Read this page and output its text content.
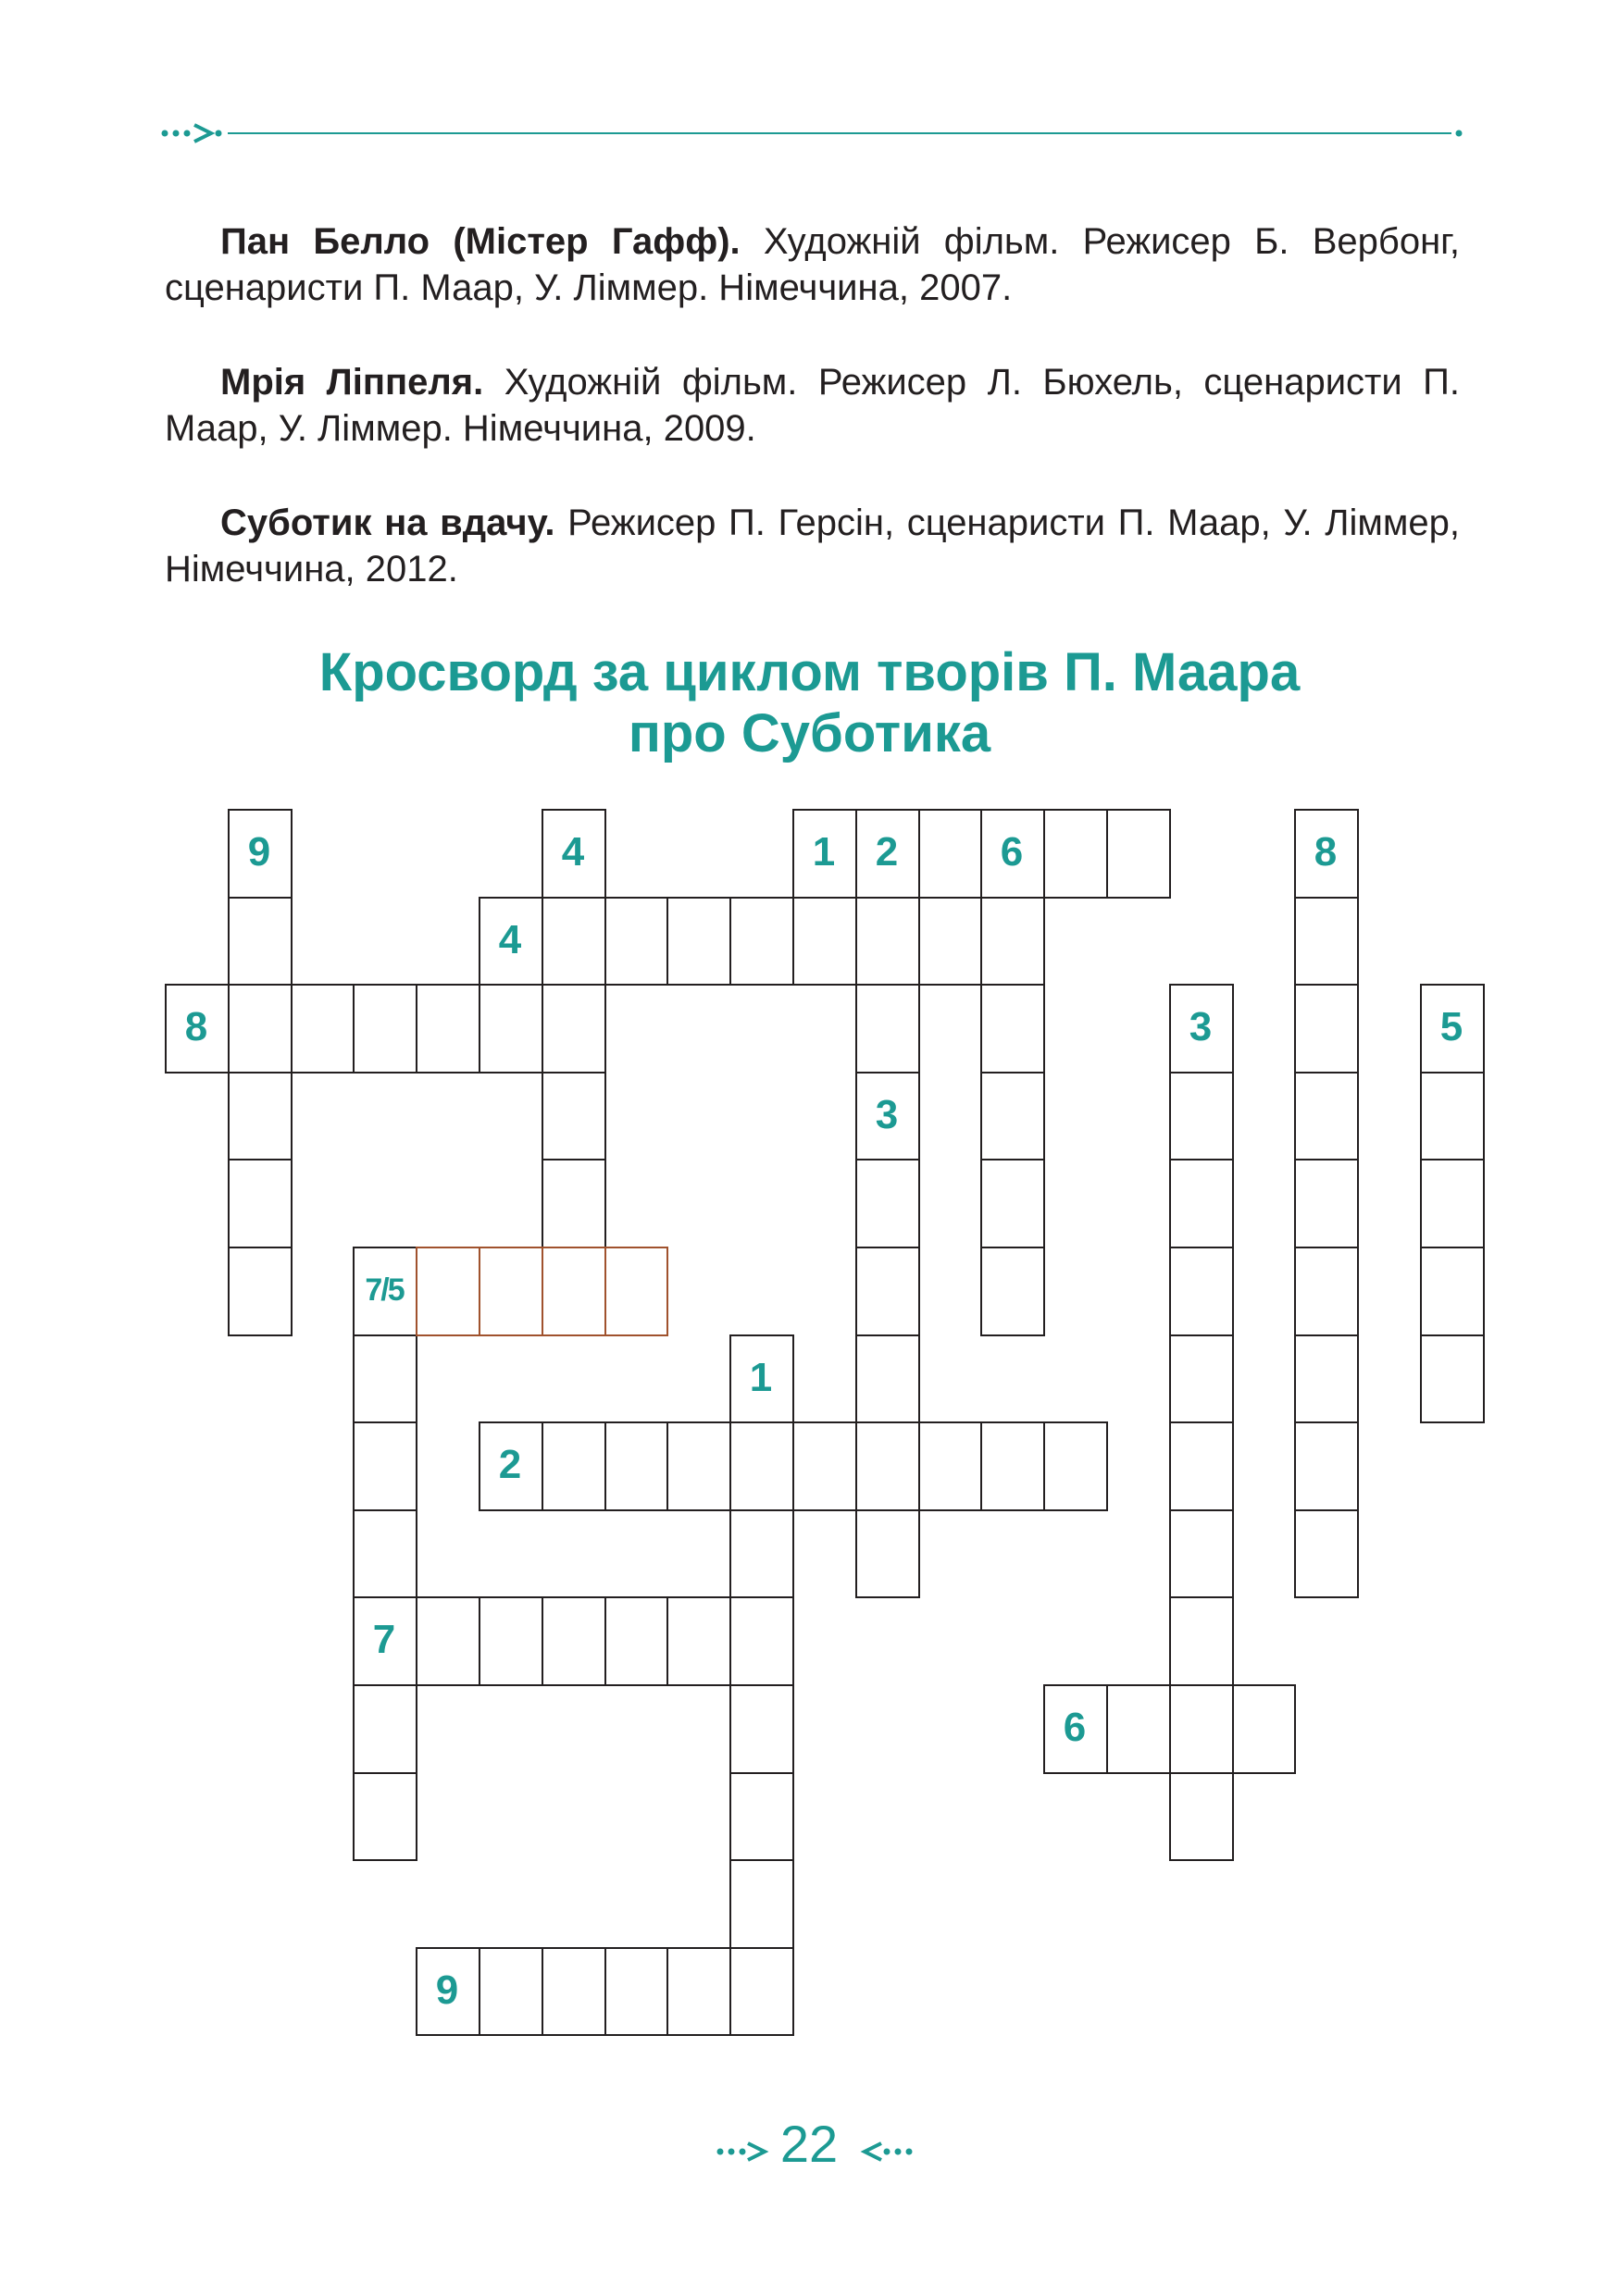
Пан Белло (Містер Гафф). Художній фільм. Режисер Б. Вербонг, сценаристи П. Маар, У. Ліммер. Німеччина, 2007.

Мрія Ліппеля. Художній фільм. Режисер Л. Бюхель, сценаристи П. Маар, У. Ліммер. Німеччина, 2009.

Суботик на вдачу. Режисер П. Герсін, сценаристи П. Маар, У. Ліммер, Німеччина, 2012.

Кросворд за циклом творів П. Маара
про Суботика
9	4	1 2	6	8
4
8	3	5
3
7/5
1
2
7
6
9
22
